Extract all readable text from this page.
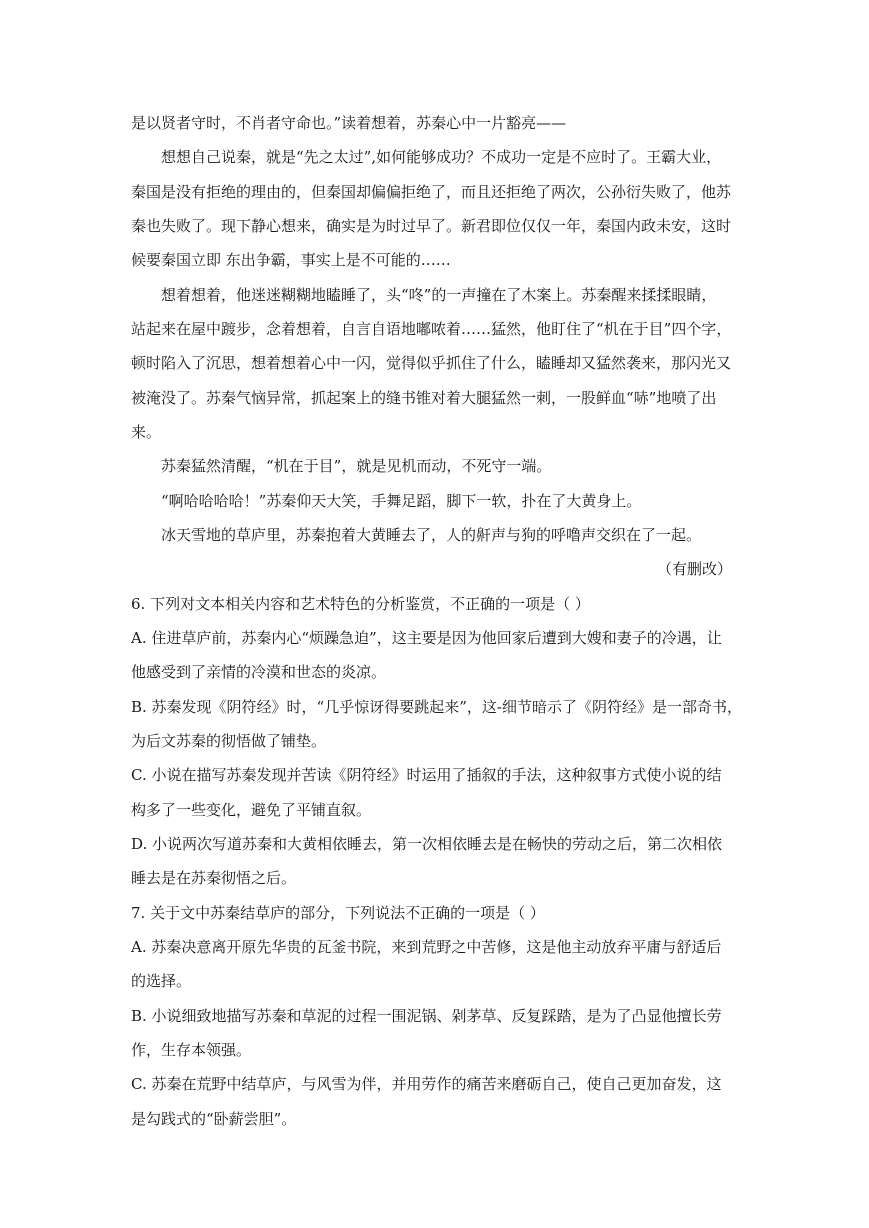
是以贤者守时，不肖者守命也。”读着想着，苏秦心中一片豁亮——
想想自己说秦，就是“先之太过”,如何能够成功？不成功一定是不应时了。王霸大业，
秦国是没有拒绝的理由的，但秦国却偏偏拒绝了，而且还拒绝了两次，公孙衍失败了，他苏
秦也失败了。现下静心想来，确实是为时过早了。新君即位仅仅一年，秦国内政未安，这时
候要秦国立即 东出争霸，事实上是不可能的……
想着想着，他迷迷糊糊地瞌睡了，头“咚”的一声撞在了木案上。苏秦醒来揉揉眼睛，
站起来在屋中踱步，念着想着，自言自语地嘟哝着……猛然，他盯住了“机在于目”四个字，
顿时陷入了沉思，想着想着心中一闪，觉得似乎抓住了什么，瞌睡却又猛然袭来，那闪光又
被淹没了。苏秦气恼异常，抓起案上的缝书锥对着大腿猛然一刺，一股鲜血“哧”地喷了出
来。
苏秦猛然清醒，“机在于目”，就是见机而动，不死守一端。
“啊哈哈哈哈！”苏秦仰天大笑，手舞足蹈，脚下一软，扑在了大黄身上。
冰天雪地的草庐里，苏秦抱着大黄睡去了，人的鼾声与狗的呼噜声交织在了一起。
（有删改）
6. 下列对文本相关内容和艺术特色的分析鉴赏，不正确的一项是（ ）
A. 住进草庐前，苏秦内心“烦躁急迫”，这主要是因为他回家后遭到大嫂和妻子的冷遇，让
他感受到了亲情的冷漠和世态的炎凉。
B. 苏秦发现《阴符经》时，“几乎惊讶得要跳起来”，这-细节暗示了《阴符经》是一部奇书，
为后文苏秦的彻悟做了铺垫。
C. 小说在描写苏秦发现并苦读《阴符经》时运用了插叙的手法，这种叙事方式使小说的结
构多了一些变化，避免了平铺直叙。
D. 小说两次写道苏秦和大黄相依睡去，第一次相依睡去是在畅快的劳动之后，第二次相依
睡去是在苏秦彻悟之后。
7. 关于文中苏秦结草庐的部分，下列说法不正确的一项是（ ）
A. 苏秦决意离开原先华贵的瓦釜书院，来到荒野之中苦修，这是他主动放弃平庸与舒适后
的选择。
B. 小说细致地描写苏秦和草泥的过程一围泥锅、剁茅草、反复踩踏，是为了凸显他擅长劳
作，生存本领强。
C. 苏秦在荒野中结草庐，与风雪为伴，并用劳作的痛苦来磨砺自己，使自己更加奋发，这
是勾践式的“卧薪尝胆”。
